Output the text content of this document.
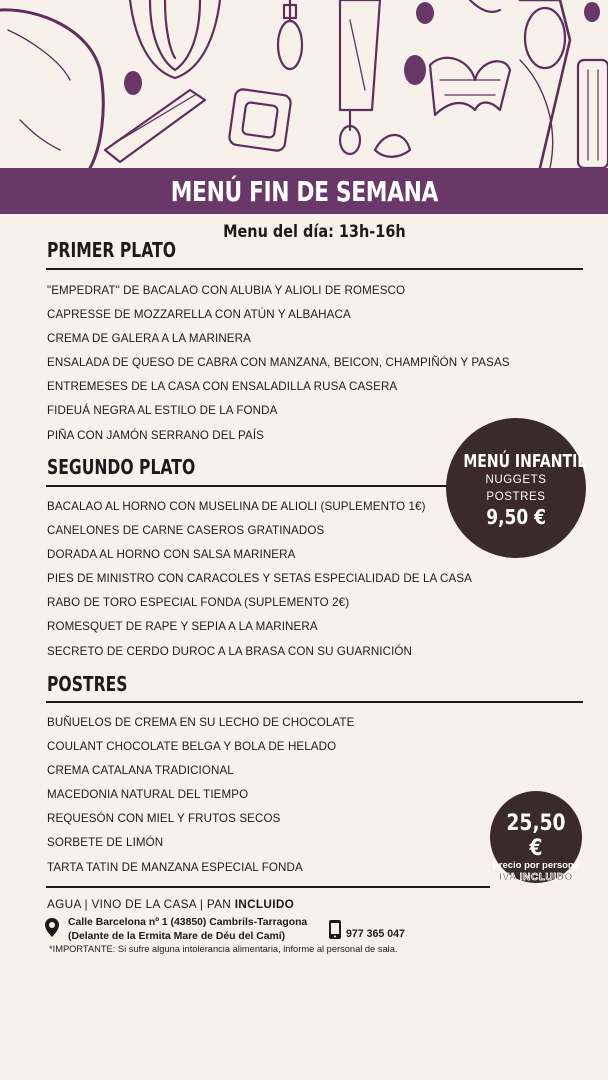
MENÚ FIN DE SEMANA
Menu del día: 13h-16h
PRIMER PLATO
"EMPEDRAT" DE BACALAO CON ALUBIA Y ALIOLI DE ROMESCO
CAPRESSE DE MOZZARELLA CON ATÚN Y ALBAHACA
CREMA DE GALERA A LA MARINERA
ENSALADA DE QUESO DE CABRA CON MANZANA, BEICON, CHAMPIÑÓN Y PASAS
ENTREMESES DE LA CASA CON ENSALADILLA RUSA CASERA
FIDEUÁ NEGRA AL ESTILO DE LA FONDA
PIÑA CON JAMÓN SERRANO DEL PAÍS
SEGUNDO PLATO
BACALAO AL HORNO CON MUSELINA DE ALIOLI (SUPLEMENTO 1€)
CANELONES DE CARNE CASEROS GRATINADOS
DORADA AL HORNO CON SALSA MARINERA
PIES DE MINISTRO CON CARACOLES Y SETAS ESPECIALIDAD DE LA CASA
RABO DE TORO ESPECIAL FONDA (SUPLEMENTO 2€)
ROMESQUET DE RAPE Y SEPIA A LA MARINERA
SECRETO DE CERDO DUROC A LA BRASA CON SU GUARNICIÓN
POSTRES
BUÑUELOS DE CREMA EN SU LECHO DE CHOCOLATE
COULANT CHOCOLATE BELGA Y BOLA DE HELADO
CREMA CATALANA TRADICIONAL
MACEDONIA NATURAL DEL TIEMPO
REQUESÓN CON MIEL Y FRUTOS SECOS
SORBETE DE LIMÓN
TARTA TATIN DE MANZANA ESPECIAL FONDA
MENÚ INFANTIL
NUGGETS
POSTRES
9,50 €
25,50 €
precio por persona
IVA INCLUIDO
AGUA | VINO DE LA CASA | PAN INCLUIDO
Calle Barcelona nº 1 (43850) Cambrils-Tarragona
(Delante de la Ermita Mare de Déu del Camí)	977 365 047
*IMPORTANTE: Si sufre alguna intolerancia alimentaria, informe al personal de sala.
